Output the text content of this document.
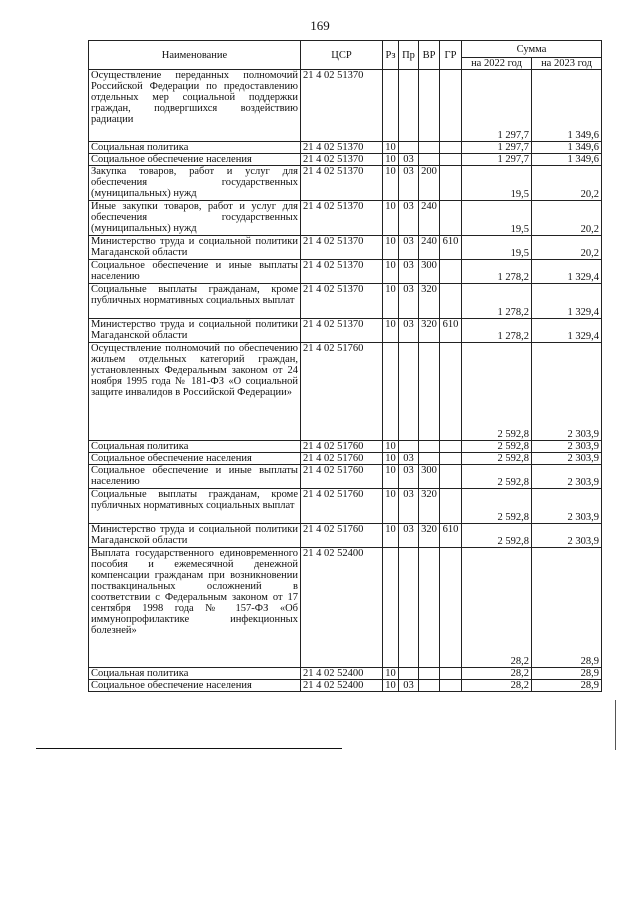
169
Наименование	ЦСР	Рз	Пр	ВР	ГР	Сумма	
						на 2022 год	на 2023 год
Осуществление переданных полномочий Российской Федерации по предоставлению отдельных мер социальной поддержки граждан, подвергшихся воздействию радиации	21 4 02 51370					1 297,7	1 349,6
Социальная политика	21 4 02 51370	10				1 297,7	1 349,6
Социальное обеспечение населения	21 4 02 51370	10	03			1 297,7	1 349,6
Закупка товаров, работ и услуг для обеспечения государственных (муниципальных) нужд	21 4 02 51370	10	03	200		19,5	20,2
Иные закупки товаров, работ и услуг для обеспечения государственных (муниципальных) нужд	21 4 02 51370	10	03	240		19,5	20,2
Министерство труда и социальной политики Магаданской области	21 4 02 51370	10	03	240	610	19,5	20,2
Социальное обеспечение и иные выплаты населению	21 4 02 51370	10	03	300		1 278,2	1 329,4
Социальные выплаты гражданам, кроме публичных нормативных социальных выплат	21 4 02 51370	10	03	320		1 278,2	1 329,4
Министерство труда и социальной политики Магаданской области	21 4 02 51370	10	03	320	610	1 278,2	1 329,4
Осуществление полномочий по обеспечению жильем отдельных категорий граждан, установленных Федеральным законом от 24 ноября 1995 года № 181-ФЗ «О социальной защите инвалидов в Российской Федерации»	21 4 02 51760					2 592,8	2 303,9
Социальная политика	21 4 02 51760	10				2 592,8	2 303,9
Социальное обеспечение населения	21 4 02 51760	10	03			2 592,8	2 303,9
Социальное обеспечение и иные выплаты населению	21 4 02 51760	10	03	300		2 592,8	2 303,9
Социальные выплаты гражданам, кроме публичных нормативных социальных выплат	21 4 02 51760	10	03	320		2 592,8	2 303,9
Министерство труда и социальной политики Магаданской области	21 4 02 51760	10	03	320	610	2 592,8	2 303,9
Выплата государственного единовременного пособия и ежемесячной денежной компенсации гражданам при возникновении поствакцинальных осложнений в соответствии с Федеральным законом от 17 сентября 1998 года № 157-ФЗ «Об иммунопрофилактике инфекционных болезней»	21 4 02 52400					28,2	28,9
Социальная политика	21 4 02 52400	10				28,2	28,9
Социальное обеспечение населения	21 4 02 52400	10	03			28,2	28,9
